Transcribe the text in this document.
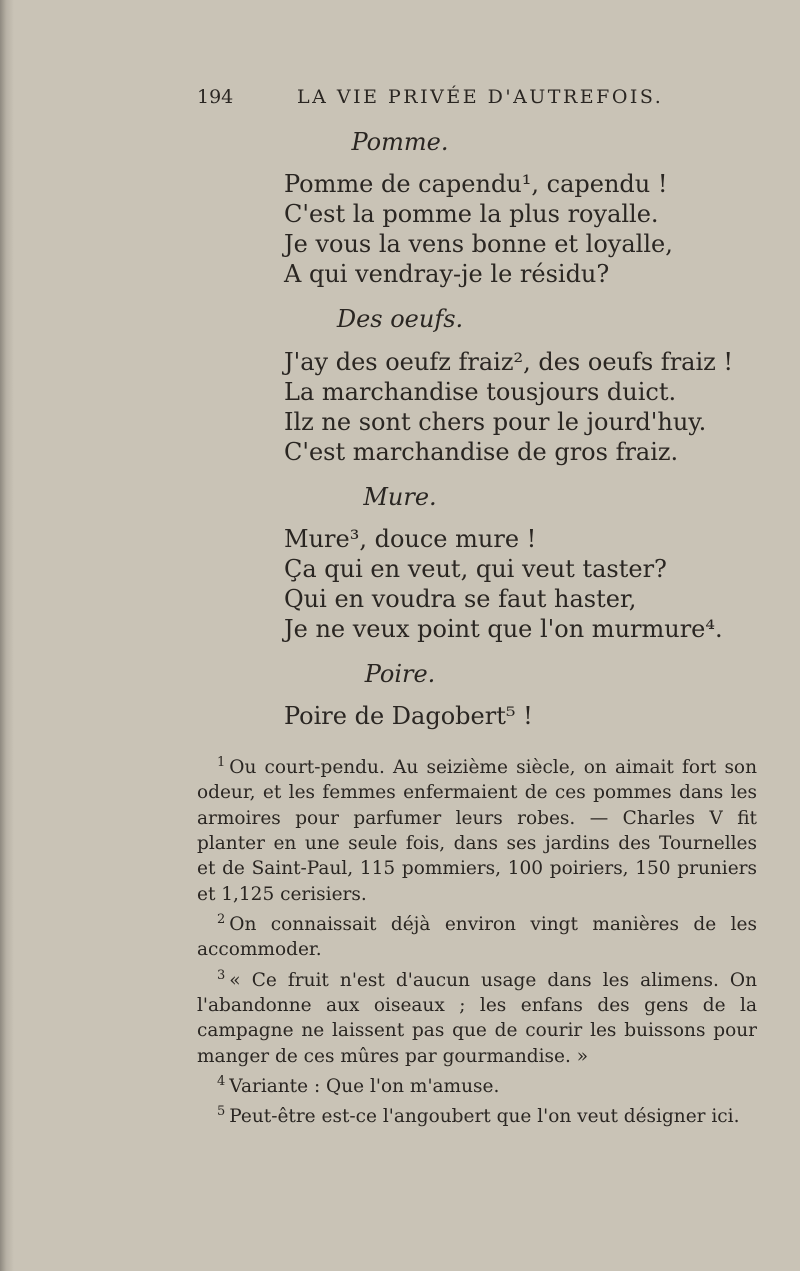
194	LA VIE PRIVÉE D'AUTREFOIS.
Pomme.
Pomme de capendu¹, capendu !
C'est la pomme la plus royalle.
Je vous la vens bonne et loyalle,
A qui vendray-je le résidu?
Des oeufs.
J'ay des oeufz fraiz², des oeufs fraiz !
La marchandise tousjours duict.
Ilz ne sont chers pour le jourd'huy.
C'est marchandise de gros fraiz.
Mure.
Mure³, douce mure !
Ça qui en veut, qui veut taster?
Qui en voudra se faut haster,
Je ne veux point que l'on murmure⁴.
Poire.
Poire de Dagobert⁵ !
$^1$ Ou court-pendu. Au seizième siècle, on aimait fort son odeur, et les femmes enfermaient de ces pommes dans les armoires pour parfumer leurs robes. — Charles V fit planter en une seule fois, dans ses jardins des Tournelles et de Saint-Paul, 115 pommiers, 100 poiriers, 150 pruniers et 1,125 cerisiers.
$^2$ On connaissait déjà environ vingt manières de les accommoder.
$^3$ « Ce fruit n'est d'aucun usage dans les alimens. On l'abandonne aux oiseaux ; les enfans des gens de la campagne ne laissent pas que de courir les buissons pour manger de ces mûres par gourmandise. »
$^4$ Variante : Que l'on m'amuse.
$^5$ Peut-être est-ce l'angoubert que l'on veut désigner ici.
